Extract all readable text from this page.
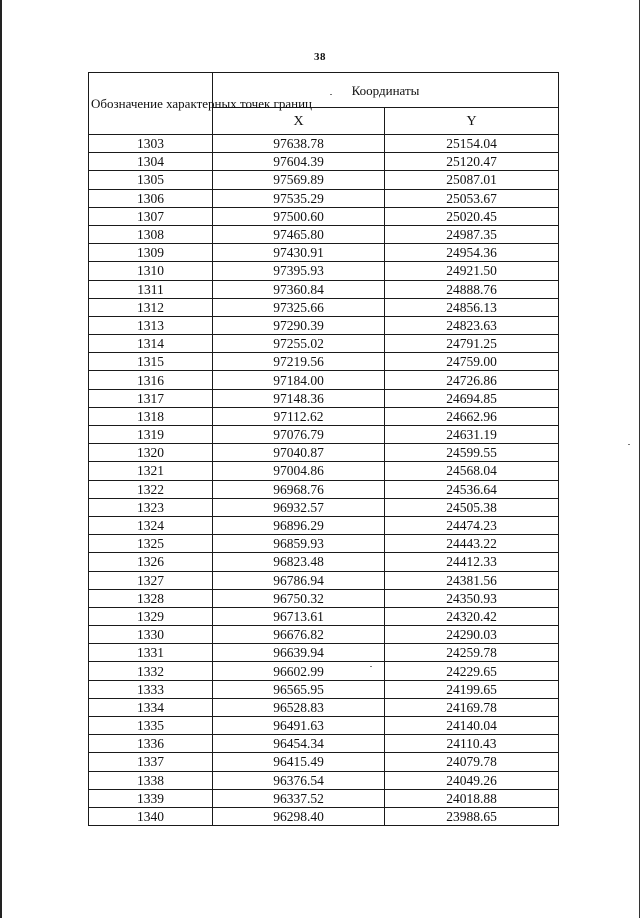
38
Обозначение характерных точек границ	Координаты	
	X	Y
1303	97638.78	25154.04
1304	97604.39	25120.47
1305	97569.89	25087.01
1306	97535.29	25053.67
1307	97500.60	25020.45
1308	97465.80	24987.35
1309	97430.91	24954.36
1310	97395.93	24921.50
1311	97360.84	24888.76
1312	97325.66	24856.13
1313	97290.39	24823.63
1314	97255.02	24791.25
1315	97219.56	24759.00
1316	97184.00	24726.86
1317	97148.36	24694.85
1318	97112.62	24662.96
1319	97076.79	24631.19
1320	97040.87	24599.55
1321	97004.86	24568.04
1322	96968.76	24536.64
1323	96932.57	24505.38
1324	96896.29	24474.23
1325	96859.93	24443.22
1326	96823.48	24412.33
1327	96786.94	24381.56
1328	96750.32	24350.93
1329	96713.61	24320.42
1330	96676.82	24290.03
1331	96639.94	24259.78
1332	96602.99	24229.65
1333	96565.95	24199.65
1334	96528.83	24169.78
1335	96491.63	24140.04
1336	96454.34	24110.43
1337	96415.49	24079.78
1338	96376.54	24049.26
1339	96337.52	24018.88
1340	96298.40	23988.65
